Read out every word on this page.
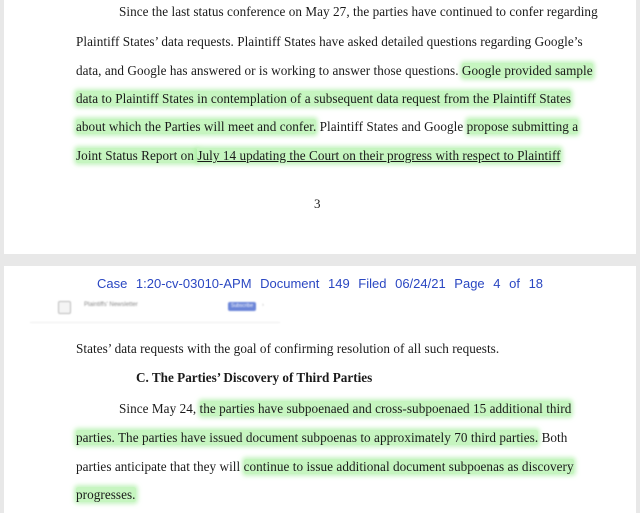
Since the last status conference on May 27, the parties have continued to confer regarding
Plaintiff States’ data requests. Plaintiff States have asked detailed questions regarding Google’s
data, and Google has answered or is working to answer those questions. Google provided sample
data to Plaintiff States in contemplation of a subsequent data request from the Plaintiff States
about which the Parties will meet and confer. Plaintiff States and Google propose submitting a
Joint Status Report on July 14 updating the Court on their progress with respect to Plaintiff
3
Case 1:20-cv-03010-APM Document 149 Filed 06/24/21 Page 4 of 18
Plaintiffs' Newsletter	Subscribe	›
States’ data requests with the goal of confirming resolution of all such requests.
C. The Parties’ Discovery of Third Parties
Since May 24, the parties have subpoenaed and cross-subpoenaed 15 additional third
parties. The parties have issued document subpoenas to approximately 70 third parties. Both
parties anticipate that they will continue to issue additional document subpoenas as discovery
progresses.
